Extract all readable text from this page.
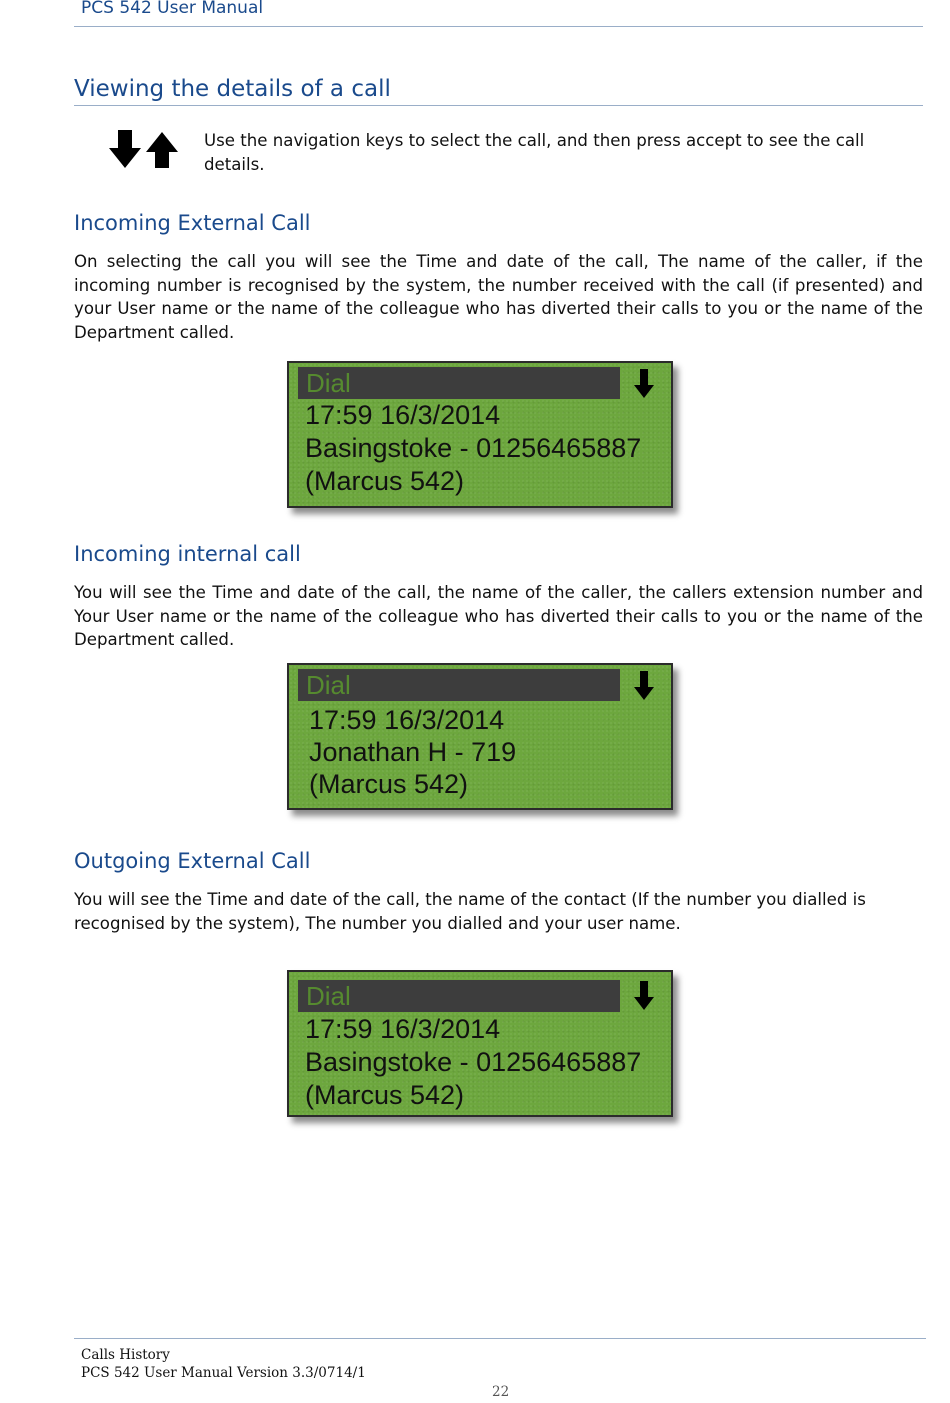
PCS 542 User Manual
Viewing the details of a call
Use the navigation keys to select the call, and then press accept to see the call details.
Incoming External Call
On selecting the call you will see the Time and date of the call, The name of the caller, if the incoming number is recognised by the system, the number received with the call (if presented) and your User name or the name of the colleague who has diverted their calls to you or the name of the Department called.
Dial
17:59 16/3/2014
Basingstoke - 01256465887
(Marcus 542)
Incoming internal call
You will see the Time and date of the call, the name of the caller, the callers extension number and Your User name or the name of the colleague who has diverted their calls to you or the name of the Department called.
Dial
17:59 16/3/2014
Jonathan H - 719
(Marcus 542)
Outgoing External Call
You will see the Time and date of the call, the name of the contact (If the number you dialled is recognised by the system), The number you dialled and your user name.
Dial
17:59 16/3/2014
Basingstoke - 01256465887
(Marcus 542)
Calls History
PCS 542 User Manual Version 3.3/0714/1
22
